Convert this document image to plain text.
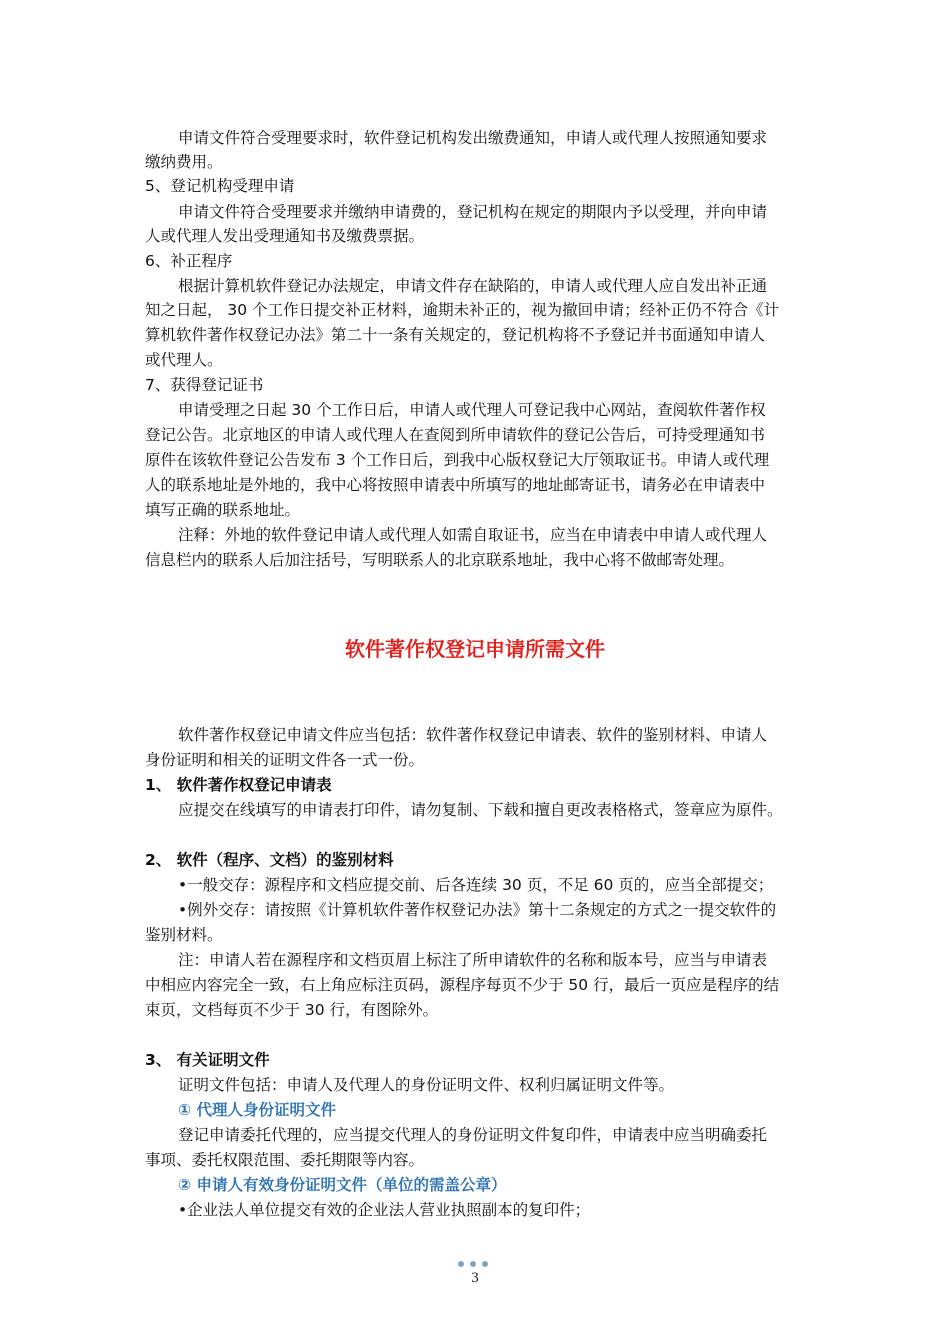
申请文件符合受理要求时，软件登记机构发出缴费通知，申请人或代理人按照通知要求
缴纳费用。
5、登记机构受理申请
申请文件符合受理要求并缴纳申请费的，登记机构在规定的期限内予以受理，并向申请
人或代理人发出受理通知书及缴费票据。
6、补正程序
根据计算机软件登记办法规定，申请文件存在缺陷的，申请人或代理人应自发出补正通
知之日起， 30 个工作日提交补正材料，逾期未补正的，视为撤回申请；经补正仍不符合《计
算机软件著作权登记办法》第二十一条有关规定的，登记机构将不予登记并书面通知申请人
或代理人。
7、获得登记证书
申请受理之日起 30 个工作日后，申请人或代理人可登记我中心网站，查阅软件著作权
登记公告。北京地区的申请人或代理人在查阅到所申请软件的登记公告后，可持受理通知书
原件在该软件登记公告发布 3 个工作日后，到我中心版权登记大厅领取证书。申请人或代理
人的联系地址是外地的，我中心将按照申请表中所填写的地址邮寄证书，请务必在申请表中
填写正确的联系地址。
注释：外地的软件登记申请人或代理人如需自取证书，应当在申请表中申请人或代理人
信息栏内的联系人后加注括号，写明联系人的北京联系地址，我中心将不做邮寄处理。
软件著作权登记申请所需文件
软件著作权登记申请文件应当包括：软件著作权登记申请表、软件的鉴别材料、申请人
身份证明和相关的证明文件各一式一份。
1、 软件著作权登记申请表
应提交在线填写的申请表打印件，请勿复制、下载和擅自更改表格格式，签章应为原件。
2、 软件（程序、文档）的鉴别材料
•一般交存：源程序和文档应提交前、后各连续 30 页，不足 60 页的，应当全部提交；
•例外交存：请按照《计算机软件著作权登记办法》第十二条规定的方式之一提交软件的
鉴别材料。
注：申请人若在源程序和文档页眉上标注了所申请软件的名称和版本号，应当与申请表
中相应内容完全一致，右上角应标注页码，源程序每页不少于 50 行，最后一页应是程序的结
束页，文档每页不少于 30 行，有图除外。
3、 有关证明文件
证明文件包括：申请人及代理人的身份证明文件、权利归属证明文件等。
① 代理人身份证明文件
登记申请委托代理的，应当提交代理人的身份证明文件复印件，申请表中应当明确委托
事项、委托权限范围、委托期限等内容。
② 申请人有效身份证明文件（单位的需盖公章）
•企业法人单位提交有效的企业法人营业执照副本的复印件；
3
